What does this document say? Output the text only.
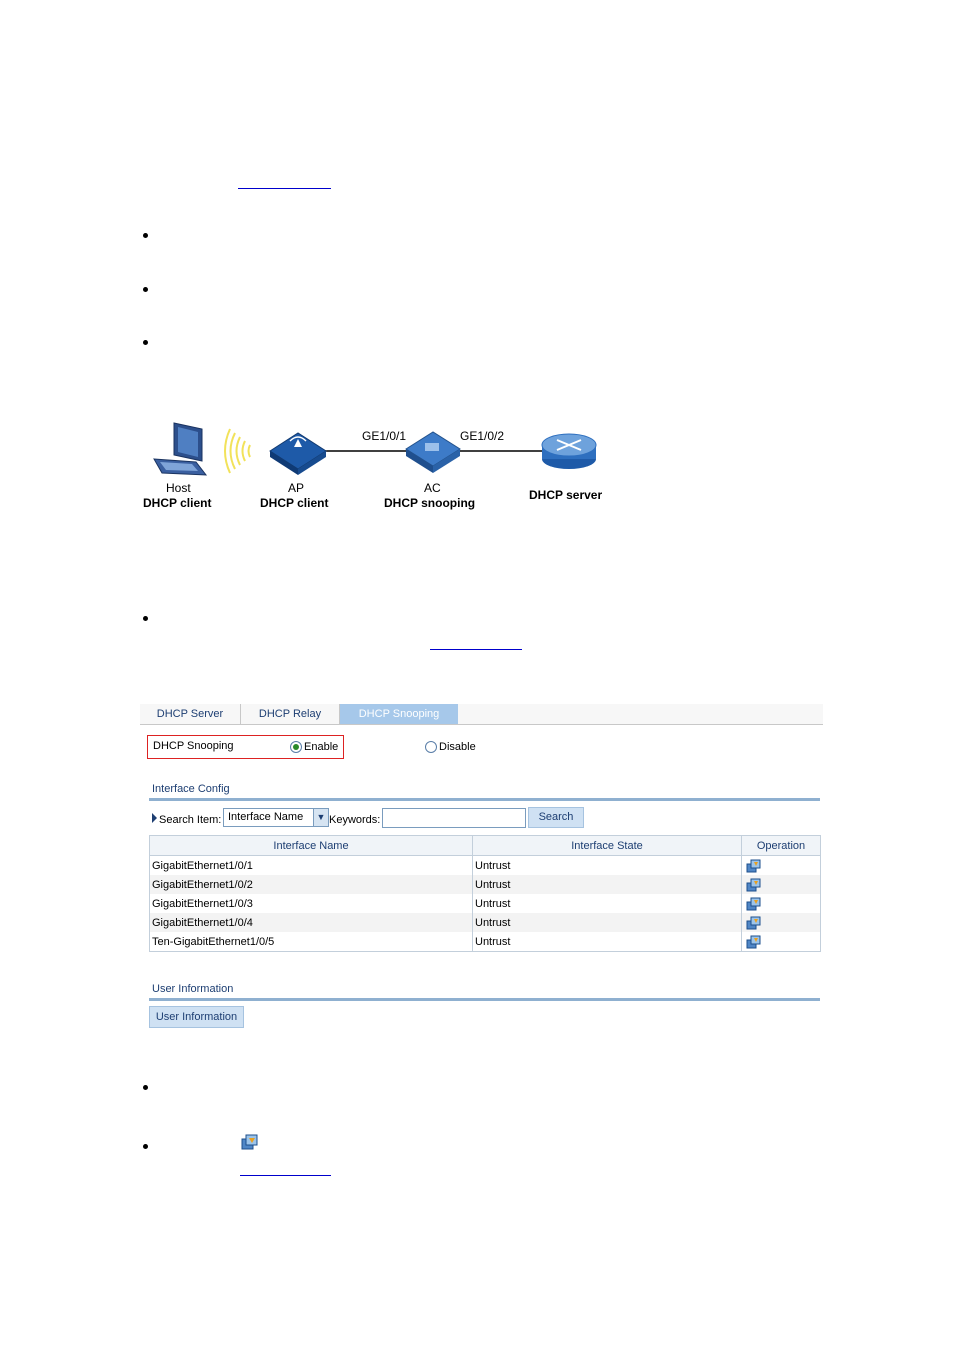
GE1/0/1	GE1/0/2
Host
DHCP client
AP
DHCP client
AC
DHCP snooping
DHCP server
DHCP Server	DHCP Relay	DHCP Snooping
DHCP Snooping	Enable	Disable
Interface Config
Search Item: Interface Name	▼ Keywords:	Search
Interface Name	Interface State	Operation
GigabitEthernet1/0/1	Untrust	
GigabitEthernet1/0/2	Untrust	
GigabitEthernet1/0/3	Untrust	
GigabitEthernet1/0/4	Untrust	
Ten-GigabitEthernet1/0/5	Untrust	
User Information
User Information
